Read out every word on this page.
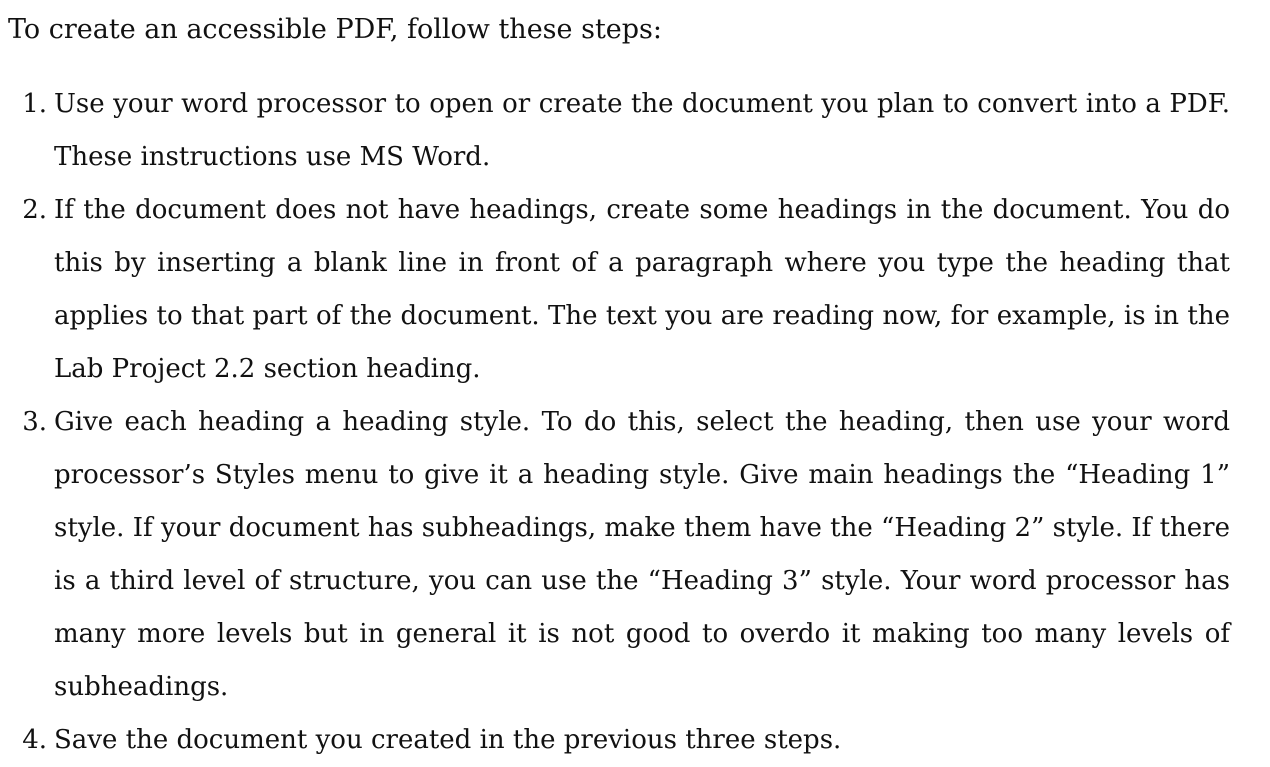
To create an accessible PDF, follow these steps:

1. Use your word processor to open or create the document you plan to convert into a PDF. These instructions use MS Word.
2. If the document does not have headings, create some headings in the document. You do this by inserting a blank line in front of a paragraph where you type the heading that applies to that part of the document. The text you are reading now, for example, is in the Lab Project 2.2 section heading.
3. Give each heading a heading style. To do this, select the heading, then use your word processor’s Styles menu to give it a heading style. Give main headings the “Heading 1” style. If your document has subheadings, make them have the “Heading 2” style. If there is a third level of structure, you can use the “Heading 3” style. Your word processor has many more levels but in general it is not good to overdo it making too many levels of subheadings.
4. Save the document you created in the previous three steps.
